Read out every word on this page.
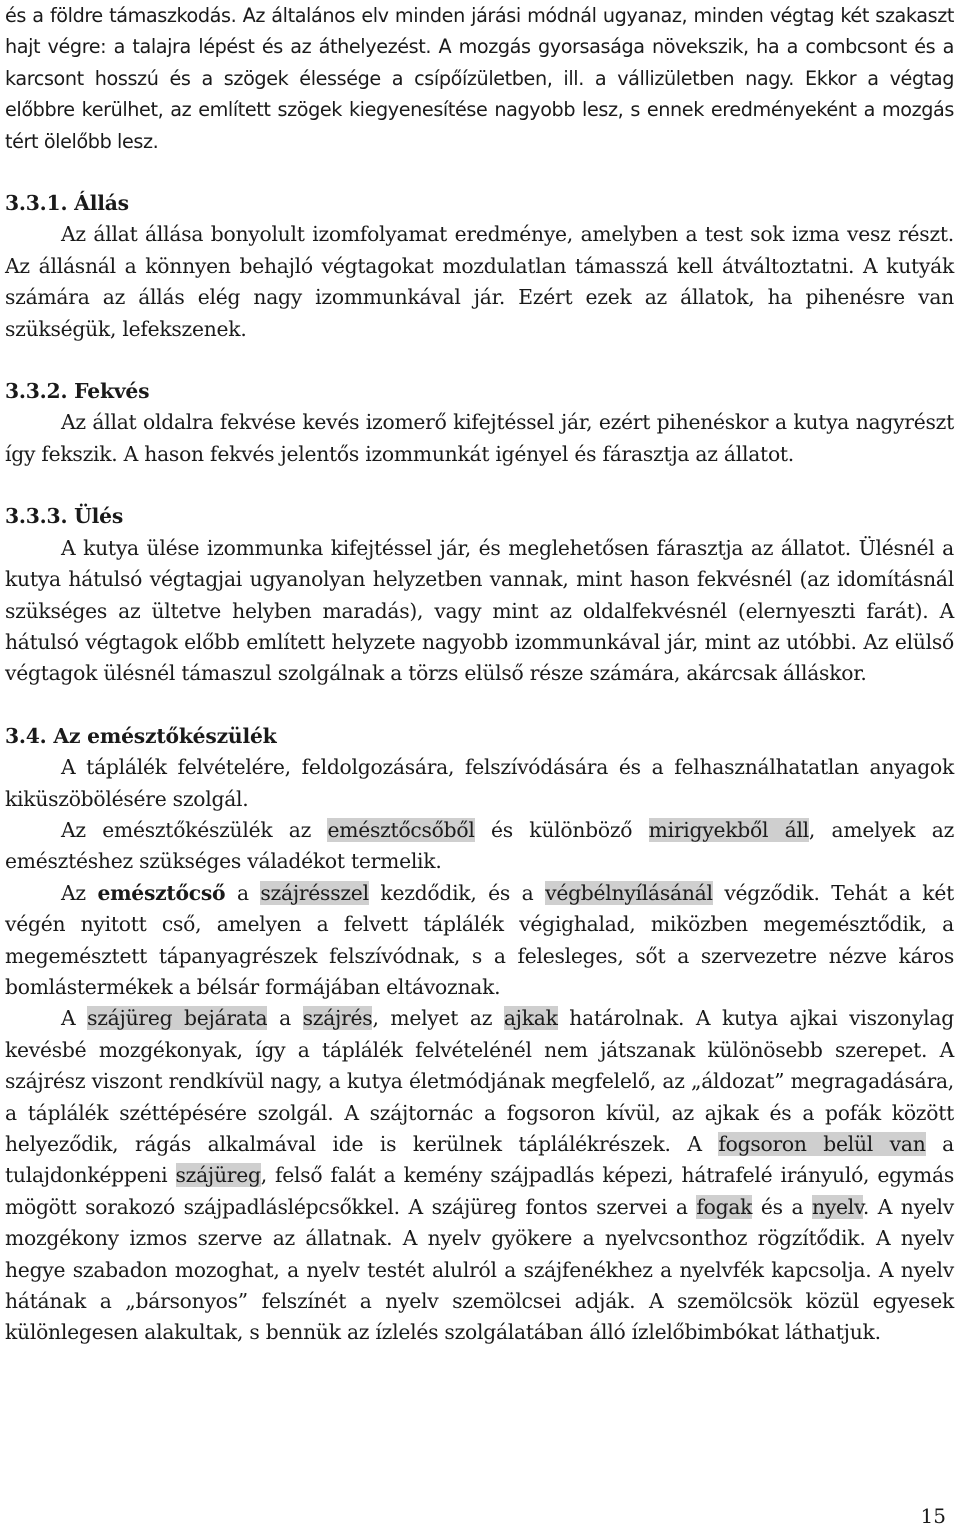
és a földre támaszkodás. Az általános elv minden járási módnál ugyanaz, minden végtag két szakaszt hajt végre: a talajra lépést és az áthelyezést. A mozgás gyorsasága növekszik, ha a combcsont és a karcsont hosszú és a szögek élessége a csípőízületben, ill. a vállizületben nagy. Ekkor a végtag előbbre kerülhet, az említett szögek kiegyenesítése nagyobb lesz, s ennek eredményeként a mozgás tért ölelőbb lesz.

3.3.1. Állás

Az állat állása bonyolult izomfolyamat eredménye, amelyben a test sok izma vesz részt. Az állásnál a könnyen behajló végtagokat mozdulatlan támasszá kell átváltoztatni. A kutyák számára az állás elég nagy izommunkával jár. Ezért ezek az állatok, ha pihenésre van szükségük, lefekszenek.

3.3.2. Fekvés

Az állat oldalra fekvése kevés izomerő kifejtéssel jár, ezért pihenéskor a kutya nagyrészt így fekszik. A hason fekvés jelentős izommunkát igényel és fárasztja az állatot.

3.3.3. Ülés

A kutya ülése izommunka kifejtéssel jár, és meglehetősen fárasztja az állatot. Ülésnél a kutya hátulsó végtagjai ugyanolyan helyzetben vannak, mint hason fekvésnél (az idomításnál szükséges az ültetve helyben maradás), vagy mint az oldalfekvésnél (elernyeszti farát). A hátulsó végtagok előbb említett helyzete nagyobb izommunkával jár, mint az utóbbi. Az elülső végtagok ülésnél támaszul szolgálnak a törzs elülső része számára, akárcsak álláskor.

3.4. Az emésztőkészülék

A táplálék felvételére, feldolgozására, felszívódására és a felhasználhatatlan anyagok kiküszöbölésére szolgál.

Az emésztőkészülék az emésztőcsőből és különböző mirigyekből áll, amelyek az emésztéshez szükséges váladékot termelik.

Az emésztőcső a szájrésszel kezdődik, és a végbélnyílásánál végződik. Tehát a két végén nyitott cső, amelyen a felvett táplálék végighalad, miközben megemésztődik, a megemésztett tápanyagrészek felszívódnak, s a felesleges, sőt a szervezetre nézve káros bomlástermékek a bélsár formájában eltávoznak.

A szájüreg bejárata a szájrés, melyet az ajkak határolnak. A kutya ajkai viszonylag kevésbé mozgékonyak, így a táplálék felvételénél nem játszanak különösebb szerepet. A szájrész viszont rendkívül nagy, a kutya életmódjának megfelelő, az „áldozat” megragadására, a táplálék széttépésére szolgál. A szájtornác a fogsoron kívül, az ajkak és a pofák között helyeződik, rágás alkalmával ide is kerülnek táplálékrészek. A fogsoron belül van a tulajdonképpeni szájüreg, felső falát a kemény szájpadlás képezi, hátrafelé irányuló, egymás mögött sorakozó szájpadláslépcsőkkel. A szájüreg fontos szervei a fogak és a nyelv. A nyelv mozgékony izmos szerve az állatnak. A nyelv gyökere a nyelvcsonthoz rögzítődik. A nyelv hegye szabadon mozoghat, a nyelv testét alulról a szájfenékhez a nyelvfék kapcsolja. A nyelv hátának a „bársonyos” felszínét a nyelv szemölcsei adják. A szemölcsök közül egyesek különlegesen alakultak, s bennük az ízlelés szolgálatában álló ízlelőbimbókat láthatjuk.

15
